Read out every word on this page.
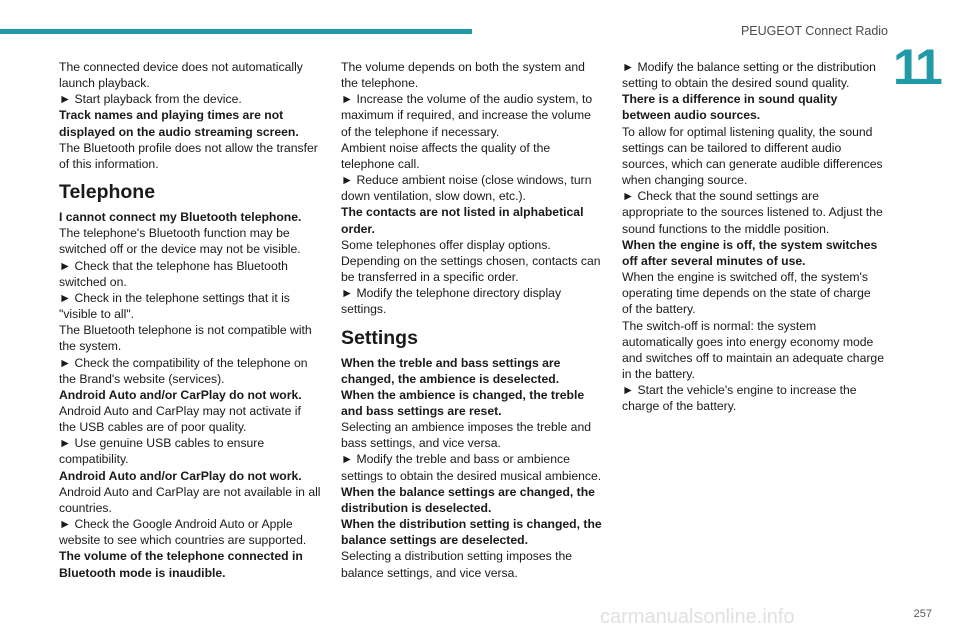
PEUGEOT Connect Radio
11

The connected device does not automatically launch playback.

► Start playback from the device.

Track names and playing times are not displayed on the audio streaming screen.

The Bluetooth profile does not allow the transfer of this information.

Telephone

I cannot connect my Bluetooth telephone.

The telephone's Bluetooth function may be switched off or the device may not be visible.

► Check that the telephone has Bluetooth switched on.

► Check in the telephone settings that it is "visible to all".

The Bluetooth telephone is not compatible with the system.

► Check the compatibility of the telephone on the Brand's website (services).

Android Auto and/or CarPlay do not work.

Android Auto and CarPlay may not activate if the USB cables are of poor quality.

► Use genuine USB cables to ensure compatibility.

Android Auto and/or CarPlay do not work.

Android Auto and CarPlay are not available in all countries.

► Check the Google Android Auto or Apple website to see which countries are supported.

The volume of the telephone connected in Bluetooth mode is inaudible.

The volume depends on both the system and the telephone.

► Increase the volume of the audio system, to maximum if required, and increase the volume of the telephone if necessary.

Ambient noise affects the quality of the telephone call.

► Reduce ambient noise (close windows, turn down ventilation, slow down, etc.).

The contacts are not listed in alphabetical order.

Some telephones offer display options. Depending on the settings chosen, contacts can be transferred in a specific order.

► Modify the telephone directory display settings.

Settings

When the treble and bass settings are changed, the ambience is deselected.

When the ambience is changed, the treble and bass settings are reset.

Selecting an ambience imposes the treble and bass settings, and vice versa.

► Modify the treble and bass or ambience settings to obtain the desired musical ambience.

When the balance settings are changed, the distribution is deselected.

When the distribution setting is changed, the balance settings are deselected.

Selecting a distribution setting imposes the balance settings, and vice versa.

► Modify the balance setting or the distribution setting to obtain the desired sound quality.

There is a difference in sound quality between audio sources.

To allow for optimal listening quality, the sound settings can be tailored to different audio sources, which can generate audible differences when changing source.

► Check that the sound settings are appropriate to the sources listened to. Adjust the sound functions to the middle position.

When the engine is off, the system switches off after several minutes of use.

When the engine is switched off, the system's operating time depends on the state of charge of the battery.

The switch-off is normal: the system automatically goes into energy economy mode and switches off to maintain an adequate charge in the battery.

► Start the vehicle's engine to increase the charge of the battery.

carmanualsonline.info	257
